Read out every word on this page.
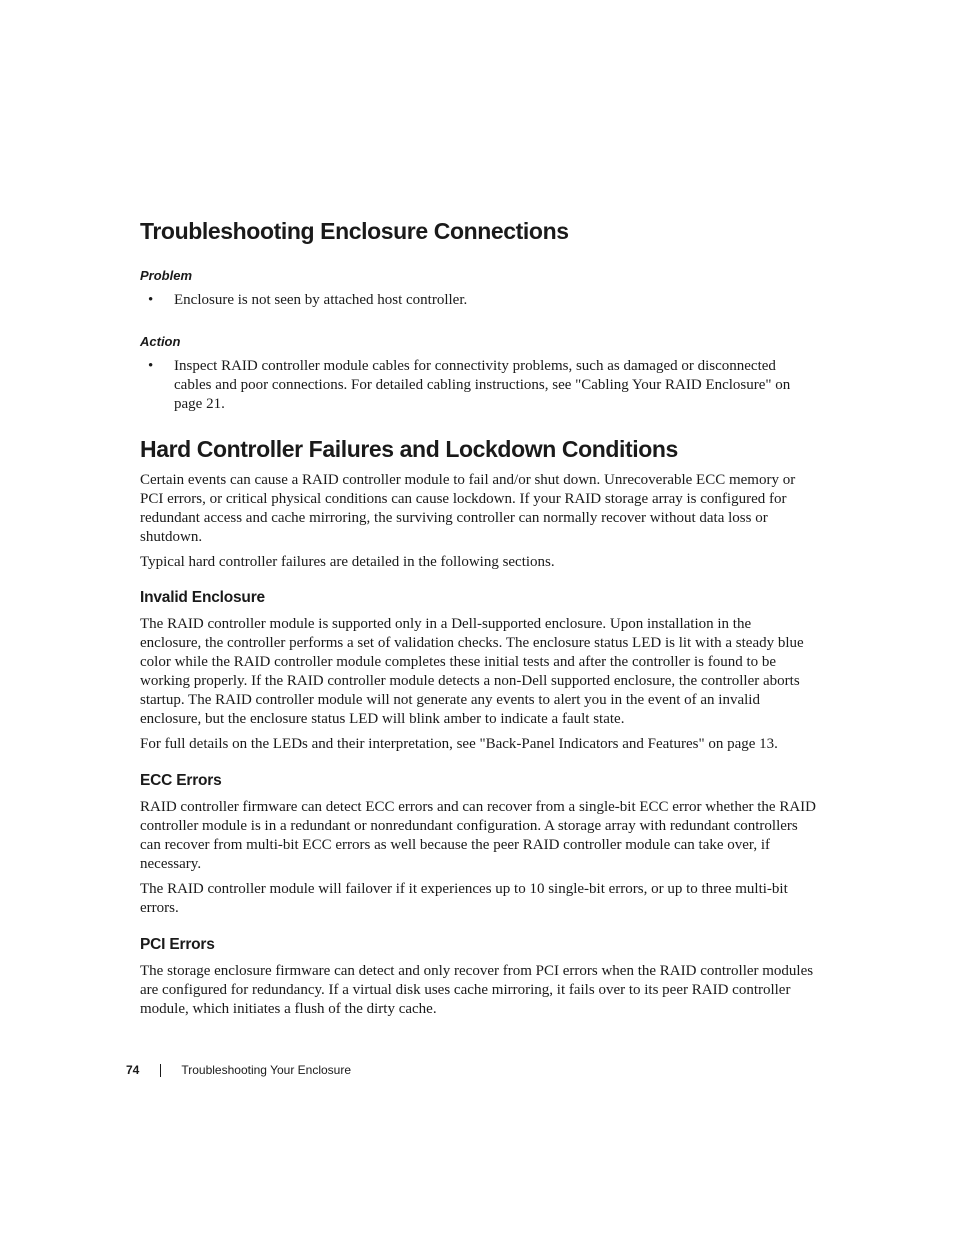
Troubleshooting Enclosure Connections
Problem
• Enclosure is not seen by attached host controller.
Action
• Inspect RAID controller module cables for connectivity problems, such as damaged or disconnected cables and poor connections. For detailed cabling instructions, see "Cabling Your RAID Enclosure" on page 21.
Hard Controller Failures and Lockdown Conditions

Certain events can cause a RAID controller module to fail and/or shut down. Unrecoverable ECC memory or PCI errors, or critical physical conditions can cause lockdown. If your RAID storage array is configured for redundant access and cache mirroring, the surviving controller can normally recover without data loss or shutdown.

Typical hard controller failures are detailed in the following sections.

Invalid Enclosure

The RAID controller module is supported only in a Dell-supported enclosure. Upon installation in the enclosure, the controller performs a set of validation checks. The enclosure status LED is lit with a steady blue color while the RAID controller module completes these initial tests and after the controller is found to be working properly. If the RAID controller module detects a non-Dell supported enclosure, the controller aborts startup. The RAID controller module will not generate any events to alert you in the event of an invalid enclosure, but the enclosure status LED will blink amber to indicate a fault state.

For full details on the LEDs and their interpretation, see "Back-Panel Indicators and Features" on page 13.

ECC Errors

RAID controller firmware can detect ECC errors and can recover from a single-bit ECC error whether the RAID controller module is in a redundant or nonredundant configuration. A storage array with redundant controllers can recover from multi-bit ECC errors as well because the peer RAID controller module can take over, if necessary.

The RAID controller module will failover if it experiences up to 10 single-bit errors, or up to three multi-bit errors.

PCI Errors

The storage enclosure firmware can detect and only recover from PCI errors when the RAID controller modules are configured for redundancy. If a virtual disk uses cache mirroring, it fails over to its peer RAID controller module, which initiates a flush of the dirty cache.

74	Troubleshooting Your Enclosure
